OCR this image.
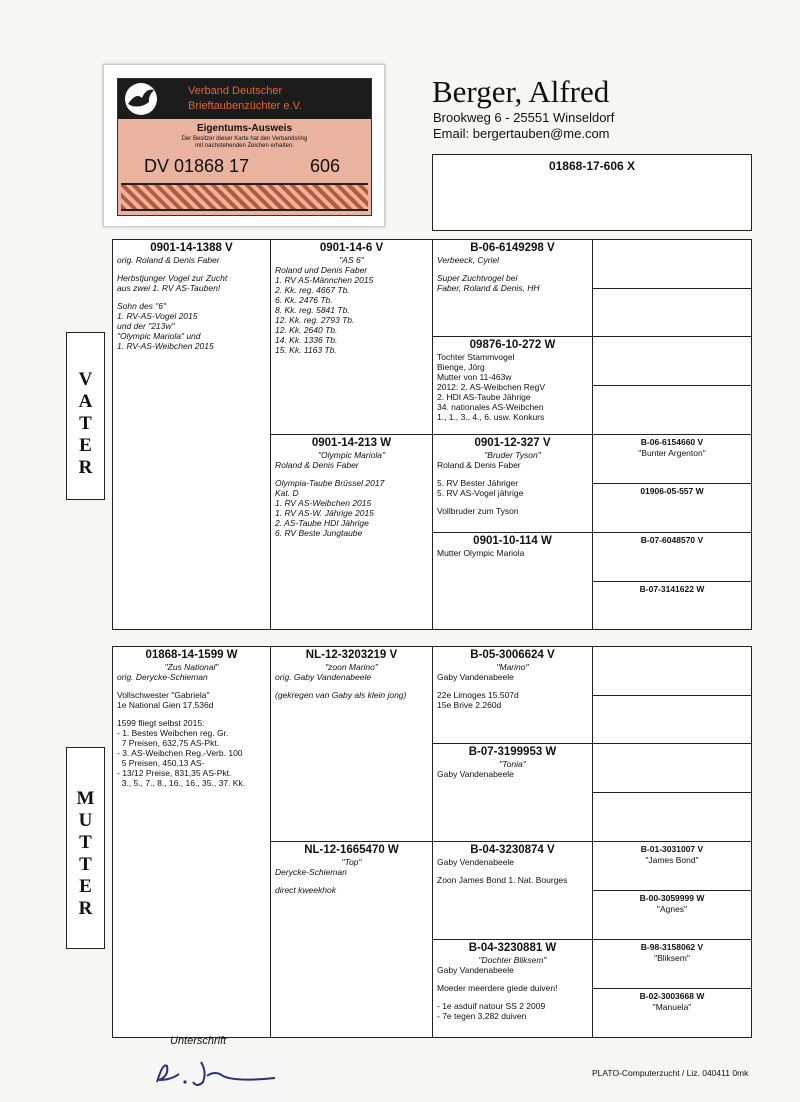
Verband Deutscher
Brieftaubenzüchter e.V.
Eigentums-Ausweis
Der Besitzer dieser Karte hat den Verbandsring
mit nachstehenden Zeichen erhalten:
DV 01868 17	606
Berger, Alfred
Brookweg 6 - 25551 Winseldorf
Email: bergertauben@me.com
01868-17-606 X
V
A
T
E
R
0901-14-1388 V
orig. Roland & Denis Faber
Herbstjunger Vogel zur Zucht
aus zwei 1. RV AS-Tauben!
Sohn des "6"
1. RV-AS-Vogel 2015
und der "213w"
"Olympic Mariola" und
1. RV-AS-Weibchen 2015
0901-14-6 V
"AS 6"
Roland und Denis Faber
1. RV AS-Männchen 2015
2. Kk. reg. 4667 Tb.
6. Kk. 2476 Tb.
8. Kk. reg. 5841 Tb.
12. Kk. reg. 2793 Tb.
12. Kk. 2640 Tb.
14. Kk. 1336 Tb.
15. Kk. 1163 Tb.
0901-14-213 W
"Olympic Mariola"
Roland & Denis Faber
Olympia-Taube Brüssel 2017
Kat. D
1. RV AS-Weibchen 2015
1. RV AS-W. Jährige 2015
2. AS-Taube HDI Jährige
6. RV Beste Jungtaube
B-06-6149298 V
Verbeeck, Cyriel
Super Zuchtvogel bei
Faber, Roland & Denis, HH
09876-10-272 W
Tochter Stammvogel
Bienge, Jörg
Mutter von 11-463w
2012: 2. AS-Weibchen RegV
2. HDI AS-Taube Jährige
34. nationales AS-Weibchen
1., 1., 3., 4., 6. usw. Konkurs
0901-12-327 V
"Bruder Tyson"
Roland & Denis Faber
5. RV Bester Jähriger
5. RV AS-Vogel jährige
Vollbruder zum Tyson
0901-10-114 W
Mutter Olympic Mariola
B-06-6154660 V
"Bunter Argenton"
01906-05-557 W
B-07-6048570 V
B-07-3141622 W
M
U
T
T
E
R
01868-14-1599 W
"Zus National"
orig. Derycke-Schieman
Vollschwester "Gabriela"
1e National Gien 17.536d
1599 fliegt selbst 2015:
- 1. Bestes Weibchen reg. Gr.
7 Preisen, 632,75 AS-Pkt.
- 3. AS-Weibchen Reg.-Verb. 100
5 Preisen, 450,13 AS-
- 13/12 Preise, 831,35 AS-Pkt.
3., 5., 7., 8., 16., 16., 35., 37. Kk.
NL-12-3203219 V
"zoon Marino"
orig. Gaby Vandenabeele
(gekregen van Gaby als klein jong)
NL-12-1665470 W
"Top"
Derycke-Schieman
direct kweekhok
B-05-3006624 V
"Marino"
Gaby Vandenabeele
22e Limoges 15.507d
15e Brive 2.260d
B-07-3199953 W
"Tonia"
Gaby Vandenabeele
B-04-3230874 V
Gaby Vendenabeele
Zoon James Bond 1. Nat. Bourges
B-04-3230881 W
"Dochter Bliksem"
Gaby Vandenabeele
Moeder meerdere giede duiven!
- 1e asduif natour SS 2 2009
- 7e tegen 3.282 duiven
B-01-3031007 V
"James Bond"
B-00-3059999 W
"Agnes"
B-98-3158062 V
"Bliksem"
B-02-3003668 W
"Manuela"
Unterschrift
PLATO-Computerzucht / Liz. 040411 0mk
